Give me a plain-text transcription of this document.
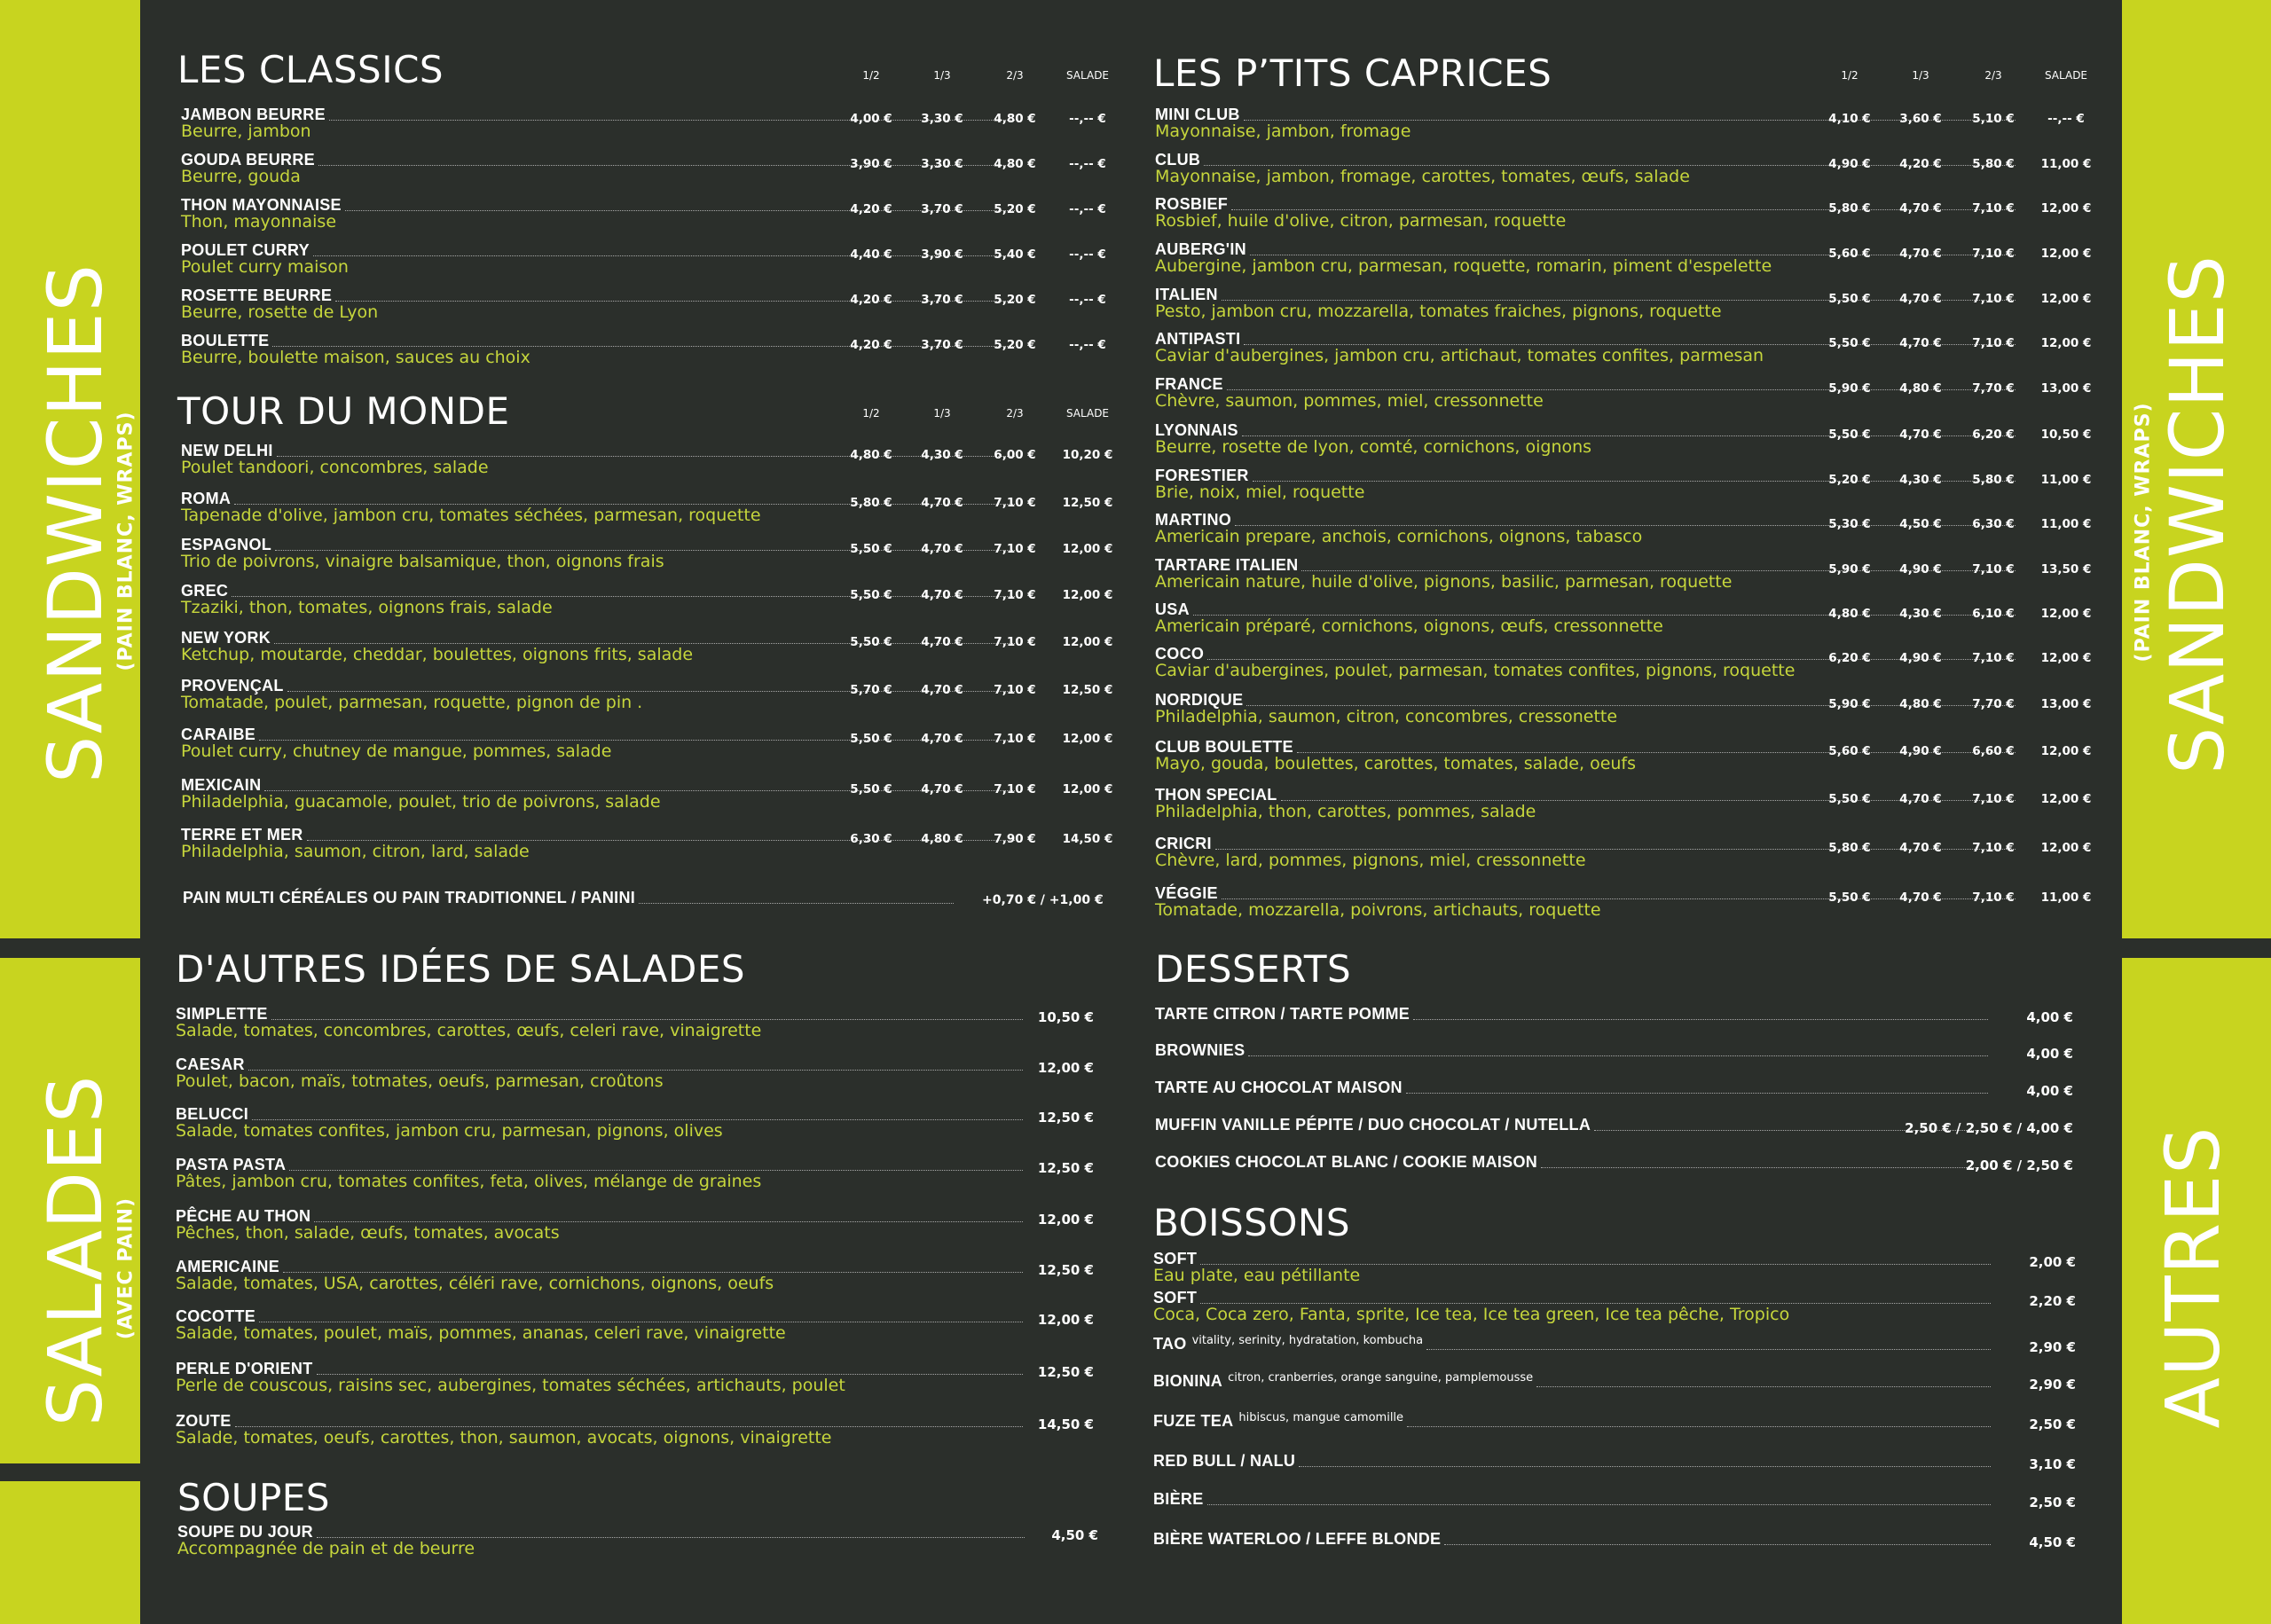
SANDWICHES
(PAIN BLANC, WRAPS)
SALADES
(AVEC PAIN)
SANDWICHES
(PAIN BLANC, WRAPS)
AUTRES
LES CLASSICS	1/2	1/3	2/3	SALADE
JAMBON BEURRE
Beurre, jambon
4,00 €	3,30 €	4,80 €	--,-- €
GOUDA BEURRE
Beurre, gouda
3,90 €	3,30 €	4,80 €	--,-- €
THON MAYONNAISE
Thon, mayonnaise
4,20 €	3,70 €	5,20 €	--,-- €
POULET CURRY
Poulet curry maison
4,40 €	3,90 €	5,40 €	--,-- €
ROSETTE BEURRE
Beurre, rosette de Lyon
4,20 €	3,70 €	5,20 €	--,-- €
BOULETTE
Beurre, boulette maison, sauces au choix
4,20 €	3,70 €	5,20 €	--,-- €
TOUR DU MONDE	1/2	1/3	2/3	SALADE
NEW DELHI
Poulet tandoori, concombres, salade
4,80 €	4,30 €	6,00 €	10,20 €
ROMA
Tapenade d'olive, jambon cru, tomates séchées, parmesan, roquette
5,80 €	4,70 €	7,10 €	12,50 €
ESPAGNOL
Trio de poivrons, vinaigre balsamique, thon, oignons frais
5,50 €	4,70 €	7,10 €	12,00 €
GREC
Tzaziki, thon, tomates, oignons frais, salade
5,50 €	4,70 €	7,10 €	12,00 €
NEW YORK
Ketchup, moutarde, cheddar, boulettes, oignons frits, salade
5,50 €	4,70 €	7,10 €	12,00 €
PROVENÇAL
Tomatade, poulet, parmesan, roquette, pignon de pin .
5,70 €	4,70 €	7,10 €	12,50 €
CARAIBE
Poulet curry, chutney de mangue, pommes, salade
5,50 €	4,70 €	7,10 €	12,00 €
MEXICAIN
Philadelphia, guacamole, poulet, trio de poivrons, salade
5,50 €	4,70 €	7,10 €	12,00 €
TERRE ET MER
Philadelphia, saumon, citron, lard, salade
6,30 €	4,80 €	7,90 €	14,50 €
PAIN MULTI CÉRÉALES OU PAIN TRADITIONNEL / PANINI	+0,70 € / +1,00 €
LES P’TITS CAPRICES	1/2	1/3	2/3	SALADE
MINI CLUB
Mayonnaise, jambon, fromage
4,10 €	3,60 €	5,10 €	--,-- €
CLUB
Mayonnaise, jambon, fromage, carottes, tomates, œufs, salade
4,90 €	4,20 €	5,80 €	11,00 €
ROSBIEF
Rosbief, huile d'olive, citron, parmesan, roquette
5,80 €	4,70 €	7,10 €	12,00 €
AUBERG'IN
Aubergine, jambon cru, parmesan, roquette, romarin, piment d'espelette
5,60 €	4,70 €	7,10 €	12,00 €
ITALIEN
Pesto, jambon cru, mozzarella, tomates fraiches, pignons, roquette
5,50 €	4,70 €	7,10 €	12,00 €
ANTIPASTI
Caviar d'aubergines, jambon cru, artichaut, tomates confites, parmesan
5,50 €	4,70 €	7,10 €	12,00 €
FRANCE
Chèvre, saumon, pommes, miel, cressonnette
5,90 €	4,80 €	7,70 €	13,00 €
LYONNAIS
Beurre, rosette de lyon, comté, cornichons, oignons
5,50 €	4,70 €	6,20 €	10,50 €
FORESTIER
Brie, noix, miel, roquette
5,20 €	4,30 €	5,80 €	11,00 €
MARTINO
Americain prepare, anchois, cornichons, oignons, tabasco
5,30 €	4,50 €	6,30 €	11,00 €
TARTARE ITALIEN
Americain nature, huile d'olive, pignons, basilic, parmesan, roquette
5,90 €	4,90 €	7,10 €	13,50 €
USA
Americain préparé, cornichons, oignons, œufs, cressonnette
4,80 €	4,30 €	6,10 €	12,00 €
COCO
Caviar d'aubergines, poulet, parmesan, tomates confites, pignons, roquette
6,20 €	4,90 €	7,10 €	12,00 €
NORDIQUE
Philadelphia, saumon, citron, concombres, cressonette
5,90 €	4,80 €	7,70 €	13,00 €
CLUB BOULETTE
Mayo, gouda, boulettes, carottes, tomates, salade, oeufs
5,60 €	4,90 €	6,60 €	12,00 €
THON SPECIAL
Philadelphia, thon, carottes, pommes, salade
5,50 €	4,70 €	7,10 €	12,00 €
CRICRI
Chèvre, lard, pommes, pignons, miel, cressonnette
5,80 €	4,70 €	7,10 €	12,00 €
VÉGGIE
Tomatade, mozzarella, poivrons, artichauts, roquette
5,50 €	4,70 €	7,10 €	11,00 €
D'AUTRES IDÉES DE SALADES
SIMPLETTE
Salade, tomates, concombres, carottes, œufs, celeri rave, vinaigrette
10,50 €
CAESAR
Poulet, bacon, maïs, totmates, oeufs, parmesan, croûtons
12,00 €
BELUCCI
Salade, tomates confites, jambon cru, parmesan, pignons, olives
12,50 €
PASTA PASTA
Pâtes, jambon cru, tomates confites, feta, olives, mélange de graines
12,50 €
PÊCHE AU THON
Pêches, thon, salade, œufs, tomates, avocats
12,00 €
AMERICAINE
Salade, tomates, USA, carottes, céléri rave, cornichons, oignons, oeufs
12,50 €
COCOTTE
Salade, tomates, poulet, maïs, pommes, ananas, celeri rave, vinaigrette
12,00 €
PERLE D'ORIENT
Perle de couscous, raisins sec, aubergines, tomates séchées, artichauts, poulet
12,50 €
ZOUTE
Salade, tomates, oeufs, carottes, thon, saumon, avocats, oignons, vinaigrette
14,50 €
SOUPES
SOUPE DU JOUR
Accompagnée de pain et de beurre
4,50 €
DESSERTS
TARTE CITRON / TARTE POMME	4,00 €
BROWNIES	4,00 €
TARTE AU CHOCOLAT MAISON	4,00 €
MUFFIN VANILLE PÉPITE / DUO CHOCOLAT / NUTELLA	2,50 € / 2,50 € / 4,00 €
COOKIES CHOCOLAT BLANC / COOKIE MAISON	2,00 € / 2,50 €
BOISSONS
SOFT
Eau plate, eau pétillante
2,00 €
SOFT
Coca, Coca zero, Fanta, sprite, Ice tea, Ice tea green, Ice tea pêche, Tropico
2,20 €
TAO vitality, serinity, hydratation, kombucha	2,90 €
BIONINA citron, cranberries, orange sanguine, pamplemousse	2,90 €
FUZE TEA hibiscus, mangue camomille	2,50 €
RED BULL / NALU	3,10 €
BIÈRE	2,50 €
BIÈRE WATERLOO / LEFFE BLONDE	4,50 €
